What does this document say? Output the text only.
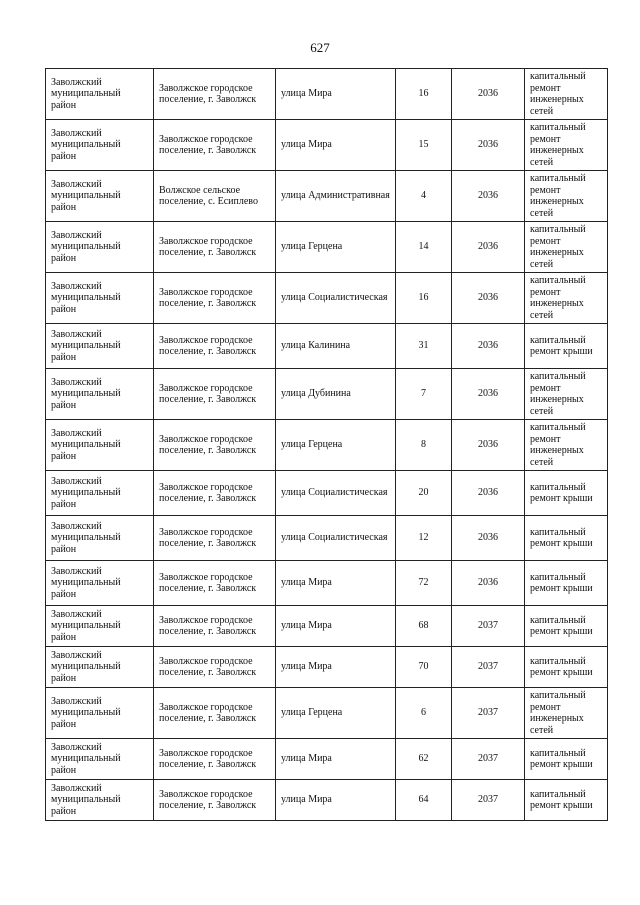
627
Заволжский муниципальный район	Заволжское городское поселение, г. Заволжск	улица Мира	16	2036	капитальный ремонт инженерных сетей
Заволжский муниципальный район	Заволжское городское поселение, г. Заволжск	улица Мира	15	2036	капитальный ремонт инженерных сетей
Заволжский муниципальный район	Волжское сельское поселение, с. Есиплево	улица Административная	4	2036	капитальный ремонт инженерных сетей
Заволжский муниципальный район	Заволжское городское поселение, г. Заволжск	улица Герцена	14	2036	капитальный ремонт инженерных сетей
Заволжский муниципальный район	Заволжское городское поселение, г. Заволжск	улица Социалистическая	16	2036	капитальный ремонт инженерных сетей
Заволжский муниципальный район	Заволжское городское поселение, г. Заволжск	улица Калинина	31	2036	капитальный ремонт крыши
Заволжский муниципальный район	Заволжское городское поселение, г. Заволжск	улица Дубинина	7	2036	капитальный ремонт инженерных сетей
Заволжский муниципальный район	Заволжское городское поселение, г. Заволжск	улица Герцена	8	2036	капитальный ремонт инженерных сетей
Заволжский муниципальный район	Заволжское городское поселение, г. Заволжск	улица Социалистическая	20	2036	капитальный ремонт крыши
Заволжский муниципальный район	Заволжское городское поселение, г. Заволжск	улица Социалистическая	12	2036	капитальный ремонт крыши
Заволжский муниципальный район	Заволжское городское поселение, г. Заволжск	улица Мира	72	2036	капитальный ремонт крыши
Заволжский муниципальный район	Заволжское городское поселение, г. Заволжск	улица Мира	68	2037	капитальный ремонт крыши
Заволжский муниципальный район	Заволжское городское поселение, г. Заволжск	улица Мира	70	2037	капитальный ремонт крыши
Заволжский муниципальный район	Заволжское городское поселение, г. Заволжск	улица Герцена	6	2037	капитальный ремонт инженерных сетей
Заволжский муниципальный район	Заволжское городское поселение, г. Заволжск	улица Мира	62	2037	капитальный ремонт крыши
Заволжский муниципальный район	Заволжское городское поселение, г. Заволжск	улица Мира	64	2037	капитальный ремонт крыши
